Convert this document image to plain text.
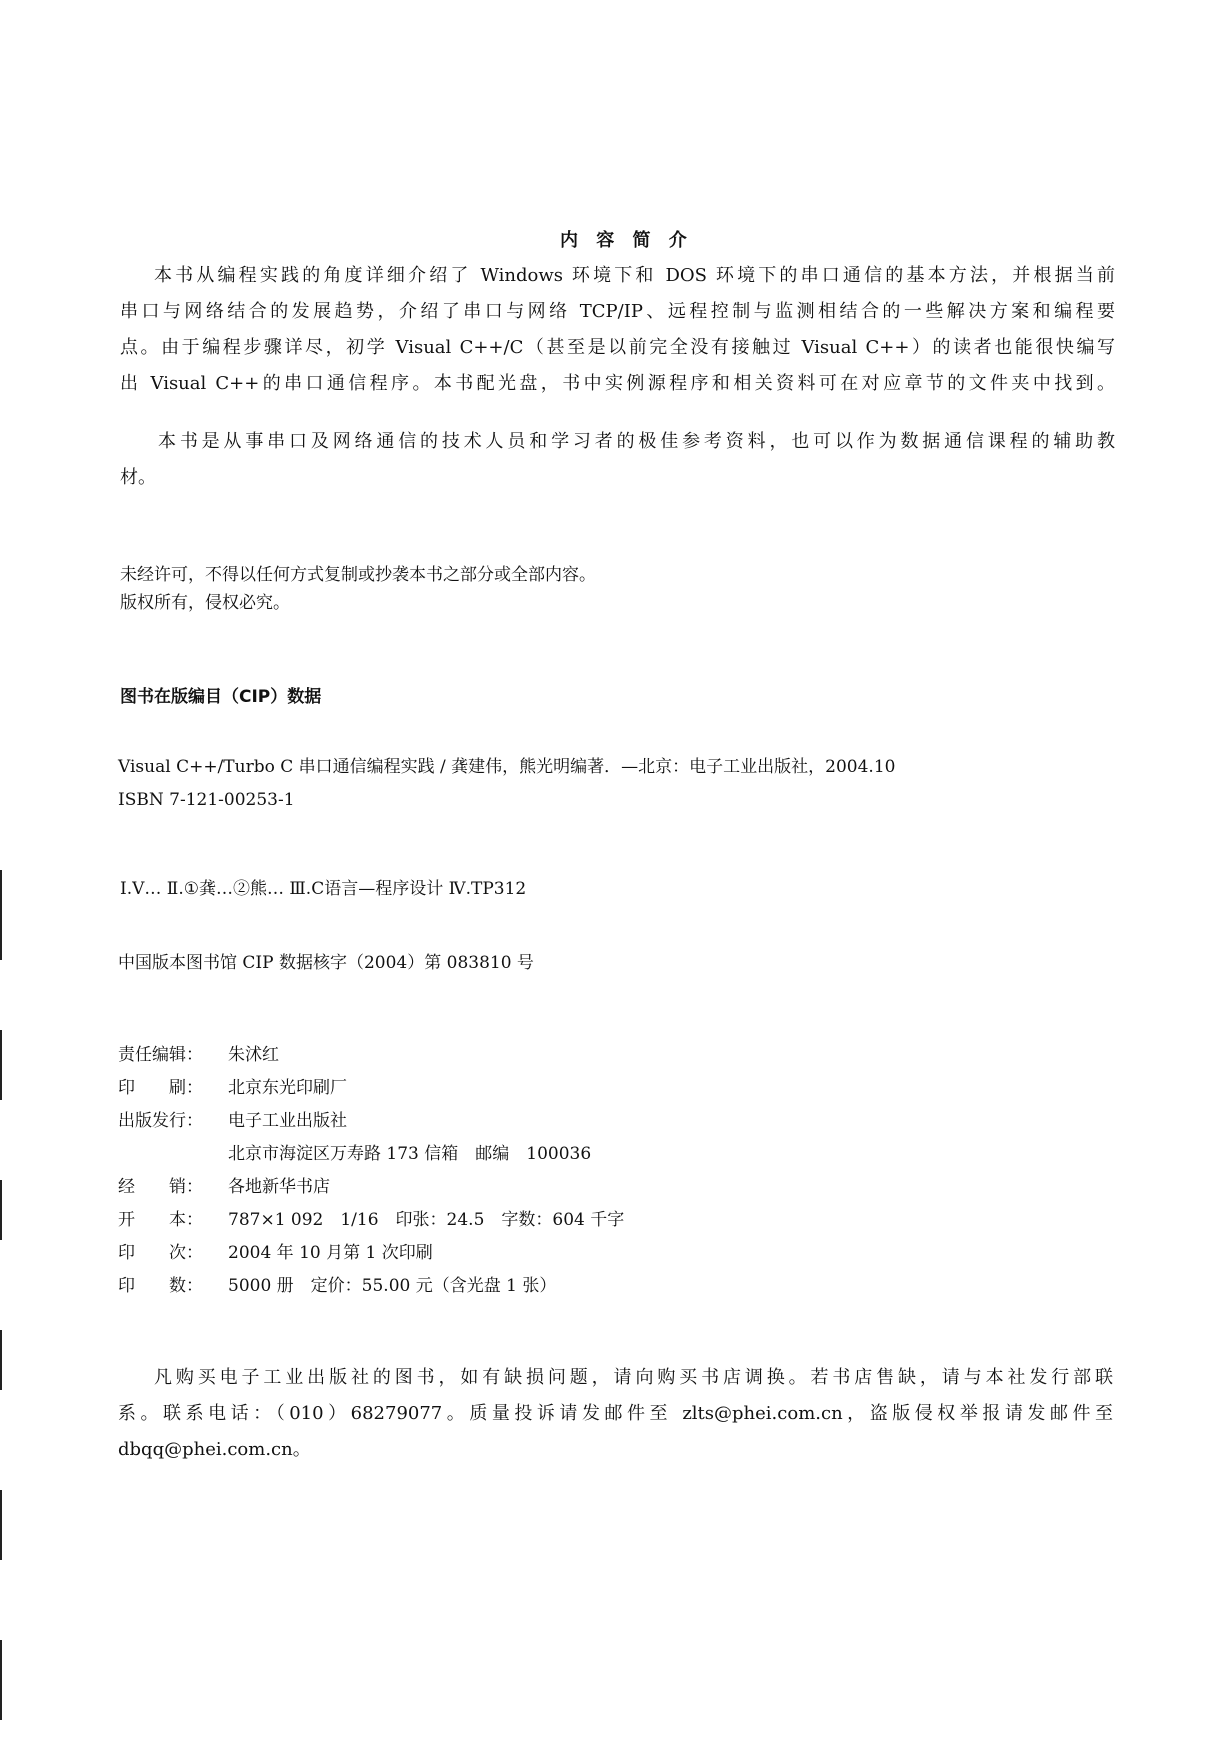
内 容 简 介
本书从编程实践的角度详细介绍了 Windows 环境下和 DOS 环境下的串口通信的基本方法，并根据当前
串口与网络结合的发展趋势，介绍了串口与网络 TCP/IP、远程控制与监测相结合的一些解决方案和编程要
点。由于编程步骤详尽，初学 Visual C++/C（甚至是以前完全没有接触过 Visual C++）的读者也能很快编写
出 Visual C++的串口通信程序。本书配光盘，书中实例源程序和相关资料可在对应章节的文件夹中找到。
本书是从事串口及网络通信的技术人员和学习者的极佳参考资料，也可以作为数据通信课程的辅助教
材。
未经许可，不得以任何方式复制或抄袭本书之部分或全部内容。
版权所有，侵权必究。
图书在版编目（CIP）数据
Visual C++/Turbo C 串口通信编程实践 / 龚建伟，熊光明编著．—北京：电子工业出版社，2004.10
ISBN 7-121-00253-1
Ⅰ.V… Ⅱ.①龚…②熊… Ⅲ.C语言—程序设计 Ⅳ.TP312
中国版本图书馆 CIP 数据核字（2004）第 083810 号
责任编辑： 朱沭红
印　　刷： 北京东光印刷厂
出版发行： 电子工业出版社
北京市海淀区万寿路 173 信箱　邮编　100036
经　　销： 各地新华书店
开　　本： 787×1 092　1/16　印张：24.5　字数：604 千字
印　　次： 2004 年 10 月第 1 次印刷
印　　数： 5000 册　定价：55.00 元（含光盘 1 张）
凡购买电子工业出版社的图书，如有缺损问题，请向购买书店调换。若书店售缺，请与本社发行部联
系。联系电话：（010）68279077。质量投诉请发邮件至 zlts@phei.com.cn，盗版侵权举报请发邮件至
dbqq@phei.com.cn。
